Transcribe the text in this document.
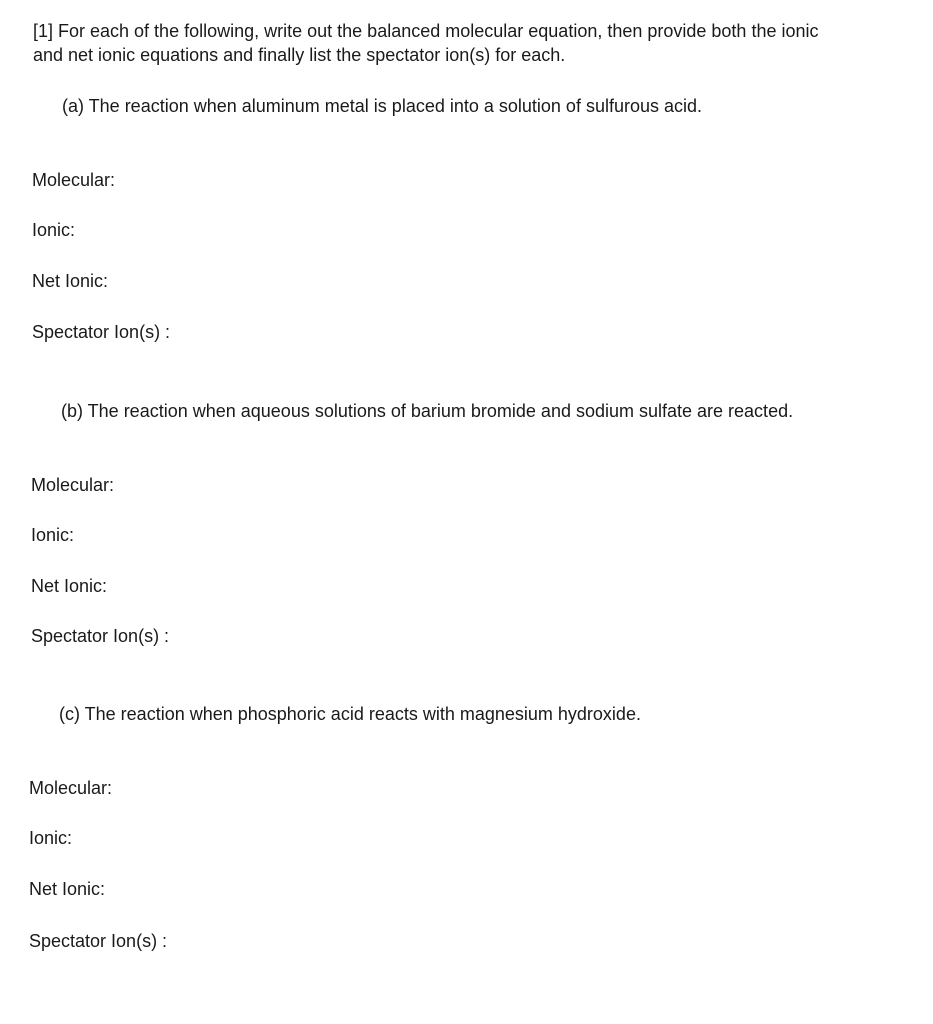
[1] For each of the following, write out the balanced molecular equation, then provide both the ionic
and net ionic equations and finally list the spectator ion(s) for each.
(a) The reaction when aluminum metal is placed into a solution of sulfurous acid.
Molecular:
Ionic:
Net Ionic:
Spectator Ion(s) :
(b) The reaction when aqueous solutions of barium bromide and sodium sulfate are reacted.
Molecular:
Ionic:
Net Ionic:
Spectator Ion(s) :
(c) The reaction when phosphoric acid reacts with magnesium hydroxide.
Molecular:
Ionic:
Net Ionic:
Spectator Ion(s) :
